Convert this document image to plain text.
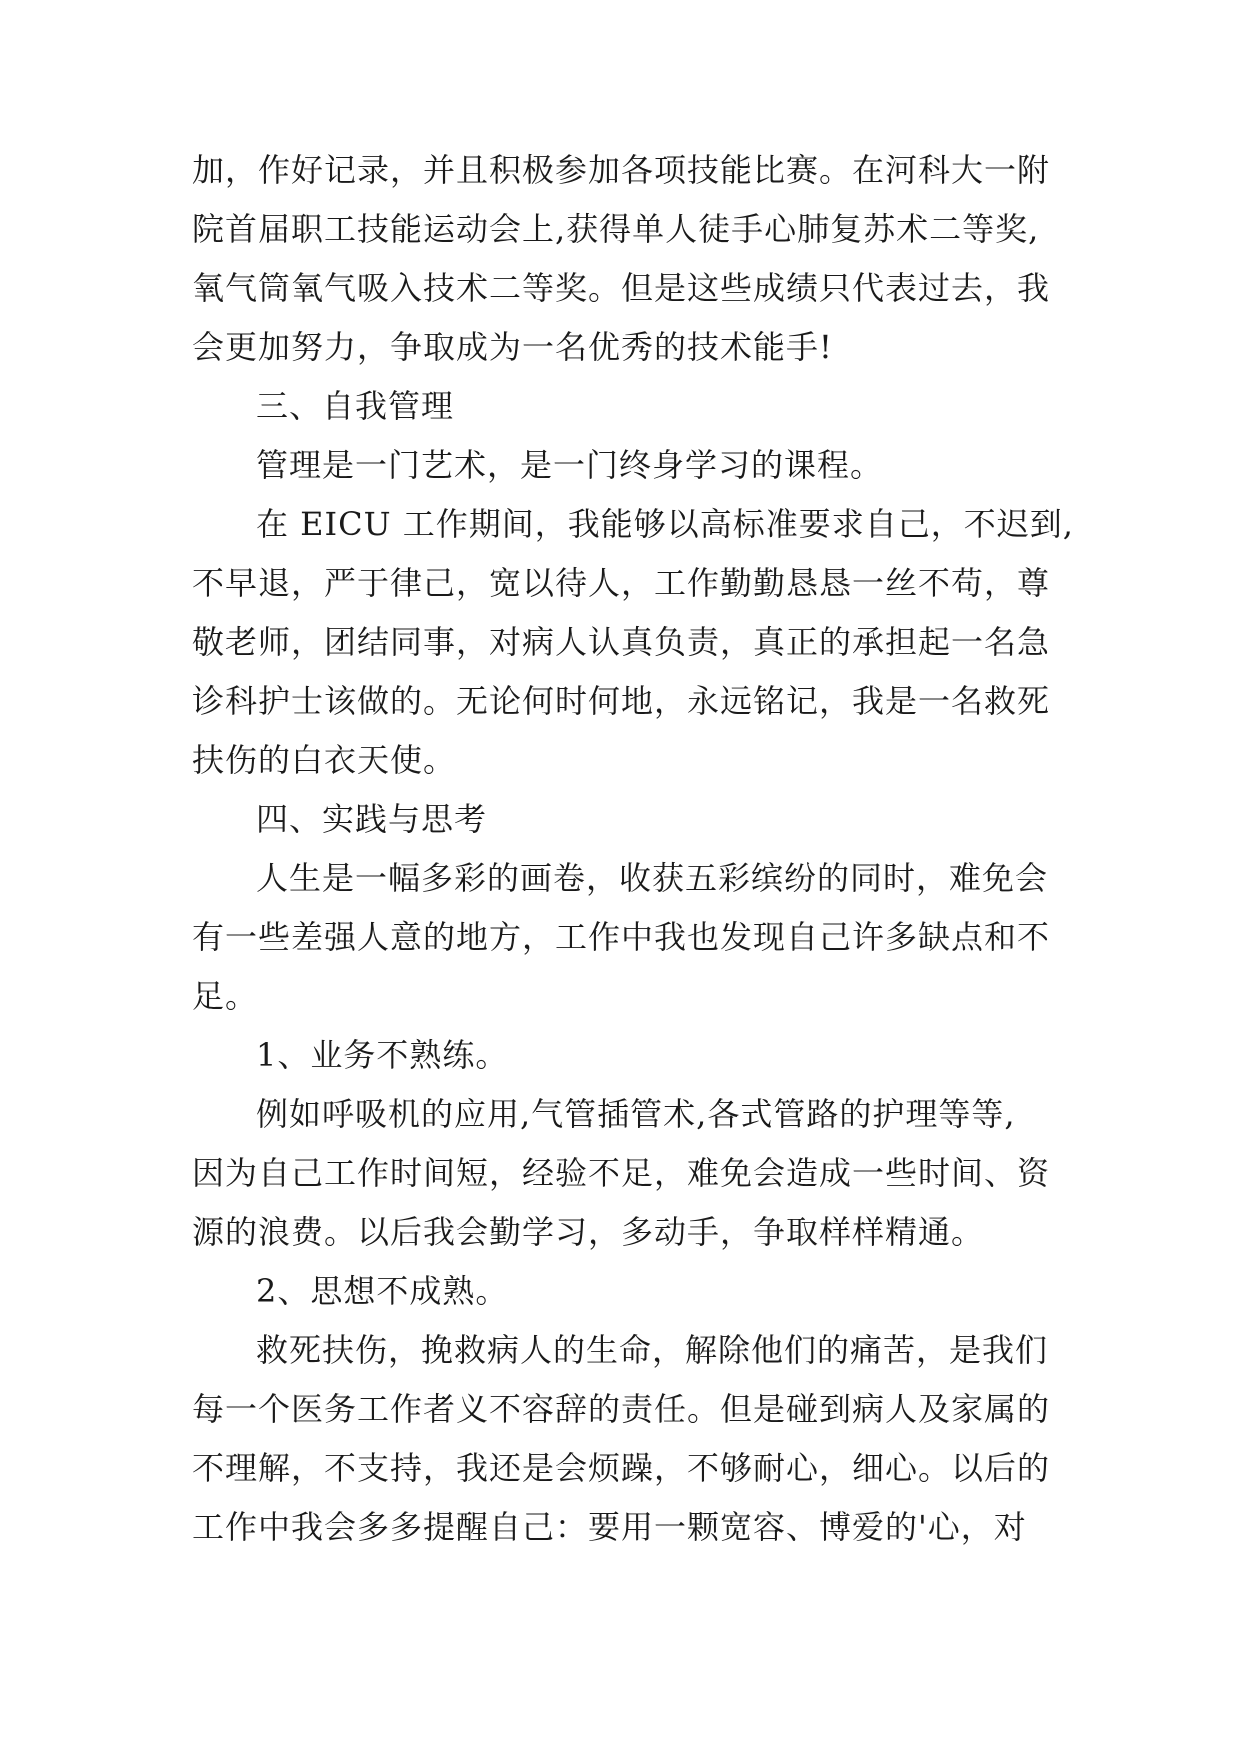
加，作好记录，并且积极参加各项技能比赛。在河科大一附
院首届职工技能运动会上,获得单人徒手心肺复苏术二等奖,
氧气筒氧气吸入技术二等奖。但是这些成绩只代表过去，我
会更加努力，争取成为一名优秀的技术能手!
三、自我管理
管理是一门艺术，是一门终身学习的课程。
在 EICU 工作期间，我能够以高标准要求自己，不迟到,
不早退，严于律己，宽以待人，工作勤勤恳恳一丝不苟，尊
敬老师，团结同事，对病人认真负责，真正的承担起一名急
诊科护士该做的。无论何时何地，永远铭记，我是一名救死
扶伤的白衣天使。
四、实践与思考
人生是一幅多彩的画卷，收获五彩缤纷的同时，难免会
有一些差强人意的地方，工作中我也发现自己许多缺点和不
足。
1、业务不熟练。
例如呼吸机的应用,气管插管术,各式管路的护理等等,
因为自己工作时间短，经验不足，难免会造成一些时间、资
源的浪费。以后我会勤学习，多动手，争取样样精通。
2、思想不成熟。
救死扶伤，挽救病人的生命，解除他们的痛苦，是我们
每一个医务工作者义不容辞的责任。但是碰到病人及家属的
不理解，不支持，我还是会烦躁，不够耐心，细心。以后的
工作中我会多多提醒自己：要用一颗宽容、博爱的'心，对
